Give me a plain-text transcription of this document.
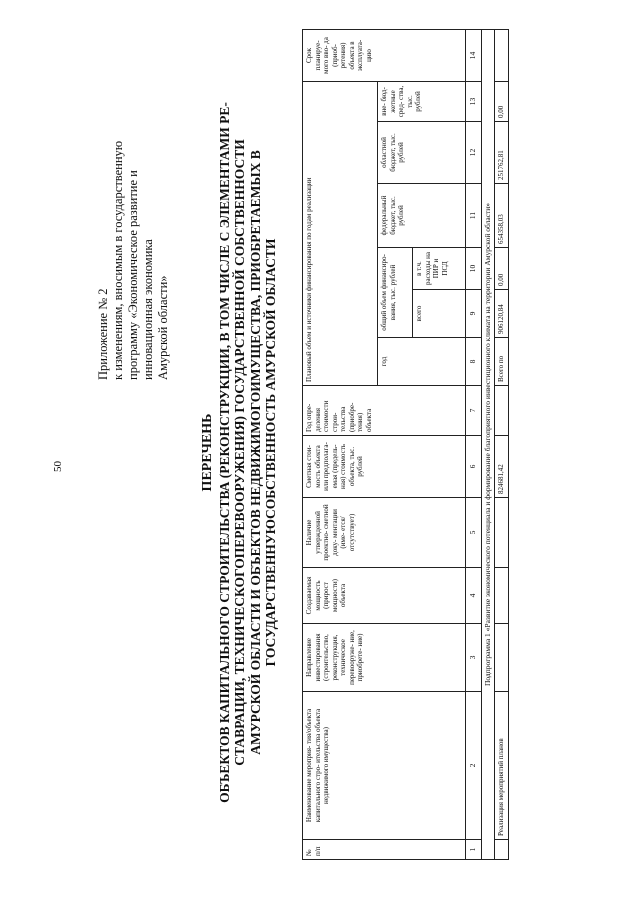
50
Приложение № 2 к изменениям, вносимым в государственную программу «Экономическое развитие и инновационная экономика Амурской области»
ПЕРЕЧЕНЬ ОБЪЕКТОВ КАПИТАЛЬНОГО СТРОИТЕЛЬСТВА (РЕКОНСТРУКЦИИ, В ТОМ ЧИСЛЕ С ЭЛЕМЕНТАМИ РЕ- СТАВРАЦИИ, ТЕХНИЧЕСКОГОПЕРЕВООРУЖЕНИЯ) ГОСУДАРСТВЕННОЙ СОБСТВЕННОСТИ АМУРСКОЙ ОБЛАСТИ И ОБЪЕКТОВ НЕДВИЖИМОГОИМУЩЕСТВА, ПРИОБРЕТАЕМЫХ В ГОСУДАРСТВЕННУЮСОБСТВЕННОСТЬ АМУРСКОЙ ОБЛАСТИ
№ п/п	Наименование мероприя- тия/объекта капитального стро- ительства объекта недвижимого имущества)	Направление инвестирования (строительство, реконструкция, техническое перевооруже- ние, приобрете- ние)	Создаваемая мощность (прирост мощности) объекта	Наличие утвержденной проектно- сметной доку- ментации (име- ется/ отсутствует)	Сметная стои- мость объекта или предполага- емая (предель- ная) стоимость объекта, тыс. рублей	Год опре- деления стоимости строи- тельства (приобре- тения) объекта	Плановый объем и источники финансирования по годам реализации						Срок планируе- мого вво- да (приоб- ретения) объекта в эксплуата- цию
							год	общий объем финансиро- вания, тыс. рублей		федеральный бюджет, тыс. рублей	областной бюджет, тыс. рублей	вне- бюд- жетные сред- ства, тыс. рублей	
								всего	в т.ч. расходы на ПИР и ПСД				
1	2	3	4	5	6	7	8	9	10	11	12	13	14
Подпрограмма 1 «Развитие экономического потенциала и формирование благоприятного инвестиционного климата на территории Амурской области»													
	Реализация мероприятий планов				824681,42		Всего по	906120,84	0,00	654358,03	251762,81	0,00	
